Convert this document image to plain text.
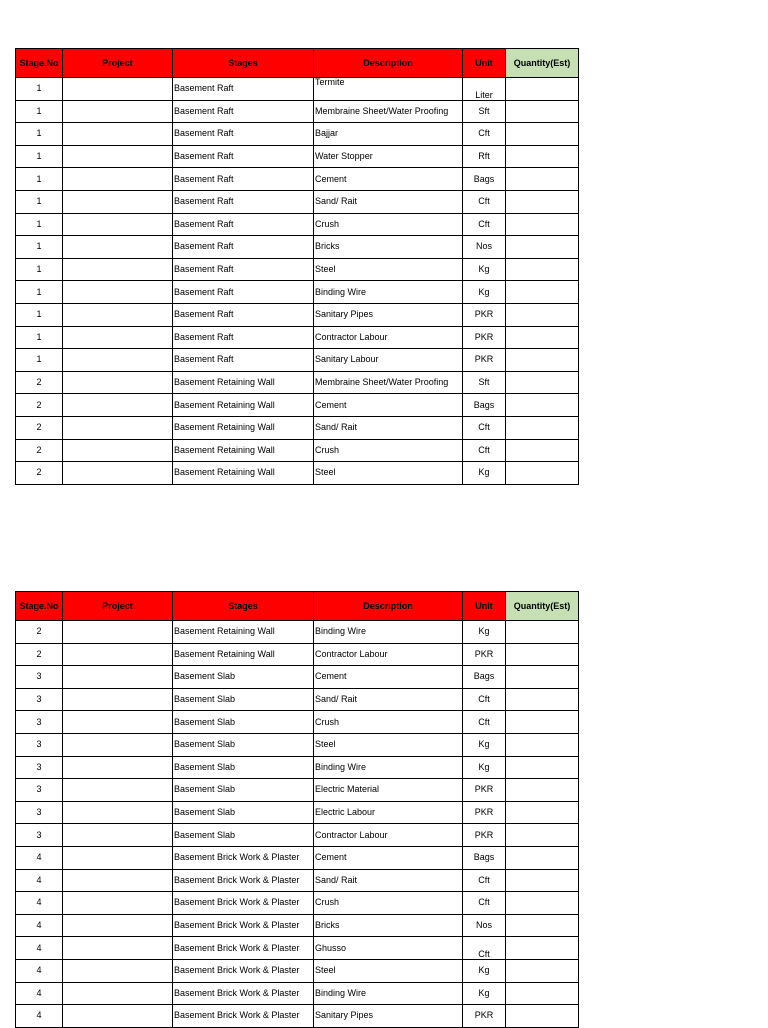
Stage.No	Project	Stages	Description	Unit	Quantity(Est)
1		Basement Raft	Termite	Liter	
1		Basement Raft	Membraine Sheet/Water Proofing	Sft	
1		Basement Raft	Bajjar	Cft	
1		Basement Raft	Water Stopper	Rft	
1		Basement Raft	Cement	Bags	
1		Basement Raft	Sand/ Rait	Cft	
1		Basement Raft	Crush	Cft	
1		Basement Raft	Bricks	Nos	
1		Basement Raft	Steel	Kg	
1		Basement Raft	Binding Wire	Kg	
1		Basement Raft	Sanitary Pipes	PKR	
1		Basement Raft	Contractor Labour	PKR	
1		Basement Raft	Sanitary Labour	PKR	
2		Basement Retaining Wall	Membraine Sheet/Water Proofing	Sft	
2		Basement Retaining Wall	Cement	Bags	
2		Basement Retaining Wall	Sand/ Rait	Cft	
2		Basement Retaining Wall	Crush	Cft	
2		Basement Retaining Wall	Steel	Kg	
Stage.No	Project	Stages	Description	Unit	Quantity(Est)
2		Basement Retaining Wall	Binding Wire	Kg	
2		Basement Retaining Wall	Contractor Labour	PKR	
3		Basement Slab	Cement	Bags	
3		Basement Slab	Sand/ Rait	Cft	
3		Basement Slab	Crush	Cft	
3		Basement Slab	Steel	Kg	
3		Basement Slab	Binding Wire	Kg	
3		Basement Slab	Electric Material	PKR	
3		Basement Slab	Electric Labour	PKR	
3		Basement Slab	Contractor Labour	PKR	
4		Basement Brick Work & Plaster	Cement	Bags	
4		Basement Brick Work & Plaster	Sand/ Rait	Cft	
4		Basement Brick Work & Plaster	Crush	Cft	
4		Basement Brick Work & Plaster	Bricks	Nos	
4		Basement Brick Work & Plaster	Ghusso	Cft	
4		Basement Brick Work & Plaster	Steel	Kg	
4		Basement Brick Work & Plaster	Binding Wire	Kg	
4		Basement Brick Work & Plaster	Sanitary Pipes	PKR	
